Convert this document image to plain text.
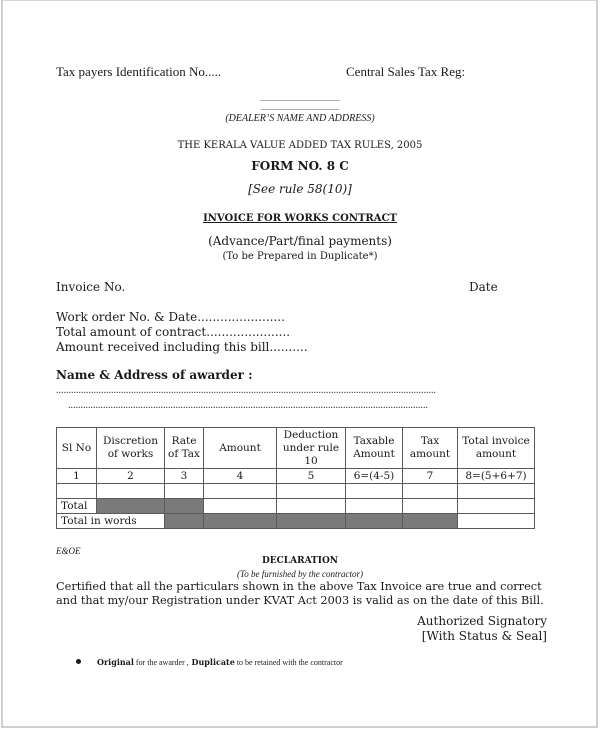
Tax payers Identification No.....	Central Sales Tax Reg:
........................................
.......................................
(DEALER’S NAME AND ADDRESS)
THE KERALA VALUE ADDED TAX RULES, 2005
FORM NO. 8 C
[See rule 58(10)]
INVOICE FOR WORKS CONTRACT
(Advance/Part/final payments)
(To be Prepared in Duplicate*)
Invoice No.	Date
Work order No. & Date.......................
Total amount of contract......................
Amount received including this bill..........
Name & Address of awarder :
........................................................................................................................................................
................................................................................................................................................
Sl No	Discretion of works	Rate of Tax	Amount	Deduction under rule 10	Taxable Amount	Tax amount	Total invoice amount
1	2	3	4	5	6=(4-5)	7	8=(5+6+7)

Total							
Total in words							
E&OE
DECLARATION
(To be furnished by the contractor)
Certified that all the particulars shown in the above Tax Invoice are true and correct
and that my/our Registration under KVAT Act 2003 is valid as on the date of this Bill.
Authorized Signatory
[With Status & Seal]
Original for the awarder , Duplicate to be retained with the contractor
